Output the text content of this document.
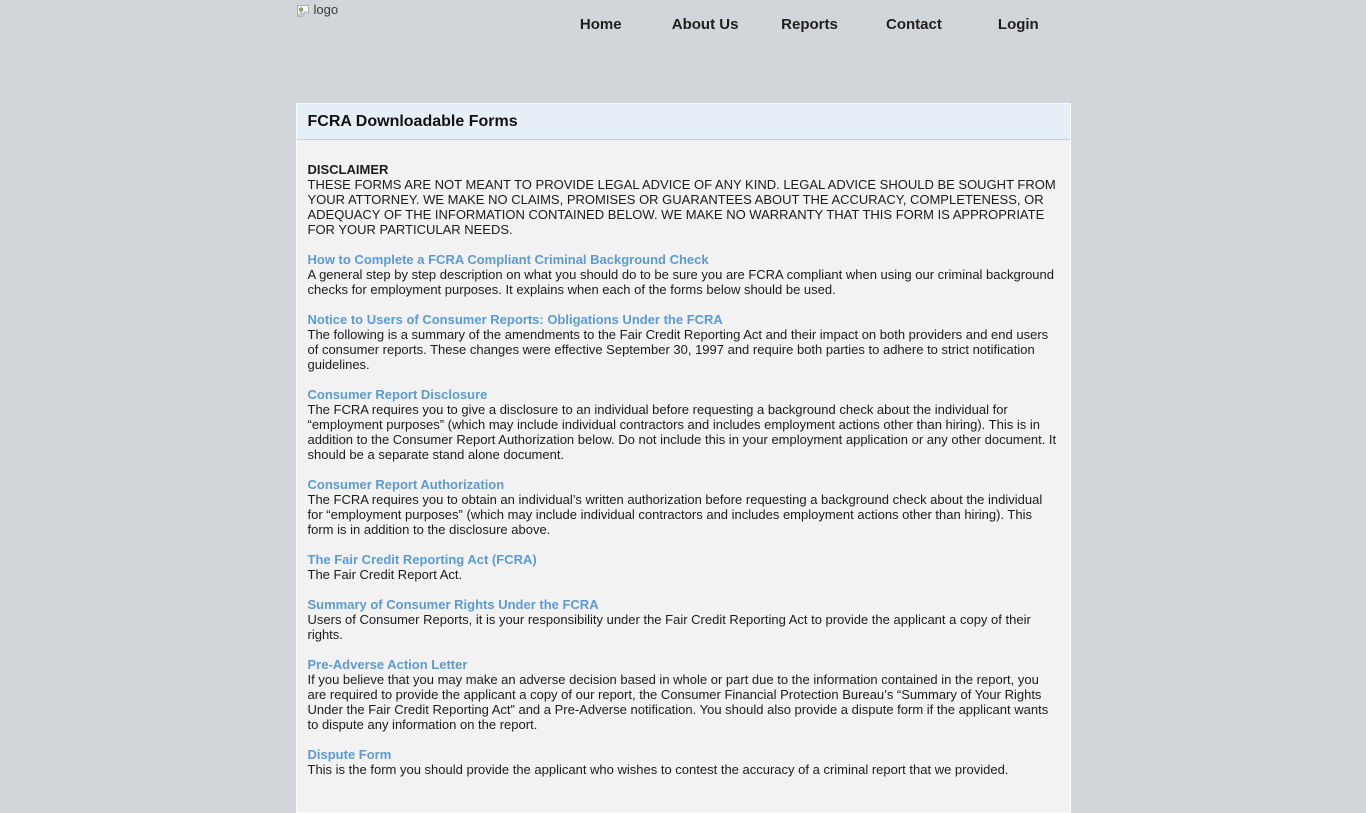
logo
Home	About Us	Reports	Contact	Login
FCRA Downloadable Forms
DISCLAIMER
THESE FORMS ARE NOT MEANT TO PROVIDE LEGAL ADVICE OF ANY KIND. LEGAL ADVICE SHOULD BE SOUGHT FROM YOUR ATTORNEY. WE MAKE NO CLAIMS, PROMISES OR GUARANTEES ABOUT THE ACCURACY, COMPLETENESS, OR ADEQUACY OF THE INFORMATION CONTAINED BELOW. WE MAKE NO WARRANTY THAT THIS FORM IS APPROPRIATE FOR YOUR PARTICULAR NEEDS.
How to Complete a FCRA Compliant Criminal Background Check
A general step by step description on what you should do to be sure you are FCRA compliant when using our criminal background checks for employment purposes. It explains when each of the forms below should be used.
Notice to Users of Consumer Reports: Obligations Under the FCRA
The following is a summary of the amendments to the Fair Credit Reporting Act and their impact on both providers and end users of consumer reports. These changes were effective September 30, 1997 and require both parties to adhere to strict notification guidelines.
Consumer Report Disclosure
The FCRA requires you to give a disclosure to an individual before requesting a background check about the individual for “employment purposes” (which may include individual contractors and includes employment actions other than hiring). This is in addition to the Consumer Report Authorization below. Do not include this in your employment application or any other document. It should be a separate stand alone document.
Consumer Report Authorization
The FCRA requires you to obtain an individual’s written authorization before requesting a background check about the individual for “employment purposes” (which may include individual contractors and includes employment actions other than hiring). This form is in addition to the disclosure above.
The Fair Credit Reporting Act (FCRA)
The Fair Credit Report Act.
Summary of Consumer Rights Under the FCRA
Users of Consumer Reports, it is your responsibility under the Fair Credit Reporting Act to provide the applicant a copy of their rights.
Pre-Adverse Action Letter
If you believe that you may make an adverse decision based in whole or part due to the information contained in the report, you are required to provide the applicant a copy of our report, the Consumer Financial Protection Bureau’s “Summary of Your Rights Under the Fair Credit Reporting Act” and a Pre-Adverse notification. You should also provide a dispute form if the applicant wants to dispute any information on the report.
Dispute Form
This is the form you should provide the applicant who wishes to contest the accuracy of a criminal report that we provided.
